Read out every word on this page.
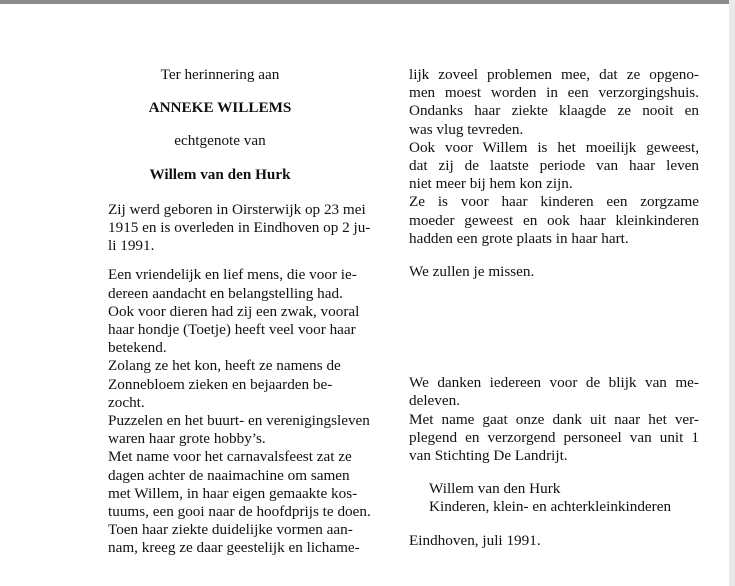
Ter herinnering aan
ANNEKE WILLEMS
echtgenote van
Willem van den Hurk
Zij werd geboren in Oirsterwijk op 23 mei
1915 en is overleden in Eindhoven op 2 ju-
li 1991.
Een vriendelijk en lief mens, die voor ie-
dereen aandacht en belangstelling had.
Ook voor dieren had zij een zwak, vooral
haar hondje (Toetje) heeft veel voor haar
betekend.
Zolang ze het kon, heeft ze namens de
Zonnebloem zieken en bejaarden be-
zocht.
Puzzelen en het buurt- en verenigingsleven
waren haar grote hobby’s.
Met name voor het carnavalsfeest zat ze
dagen achter de naaimachine om samen
met Willem, in haar eigen gemaakte kos-
tuums, een gooi naar de hoofdprijs te doen.
Toen haar ziekte duidelijke vormen aan-
nam, kreeg ze daar geestelijk en lichame-
lijk zoveel problemen mee, dat ze opgeno-
men moest worden in een verzorgingshuis.
Ondanks haar ziekte klaagde ze nooit en
was vlug tevreden.
Ook voor Willem is het moeilijk geweest,
dat zij de laatste periode van haar leven
niet meer bij hem kon zijn.
Ze is voor haar kinderen een zorgzame
moeder geweest en ook haar kleinkinderen
hadden een grote plaats in haar hart.
We zullen je missen.
We danken iedereen voor de blijk van me-
deleven.
Met name gaat onze dank uit naar het ver-
plegend en verzorgend personeel van unit 1
van Stichting De Landrijt.
Willem van den Hurk
Kinderen, klein- en achterkleinkinderen
Eindhoven, juli 1991.
